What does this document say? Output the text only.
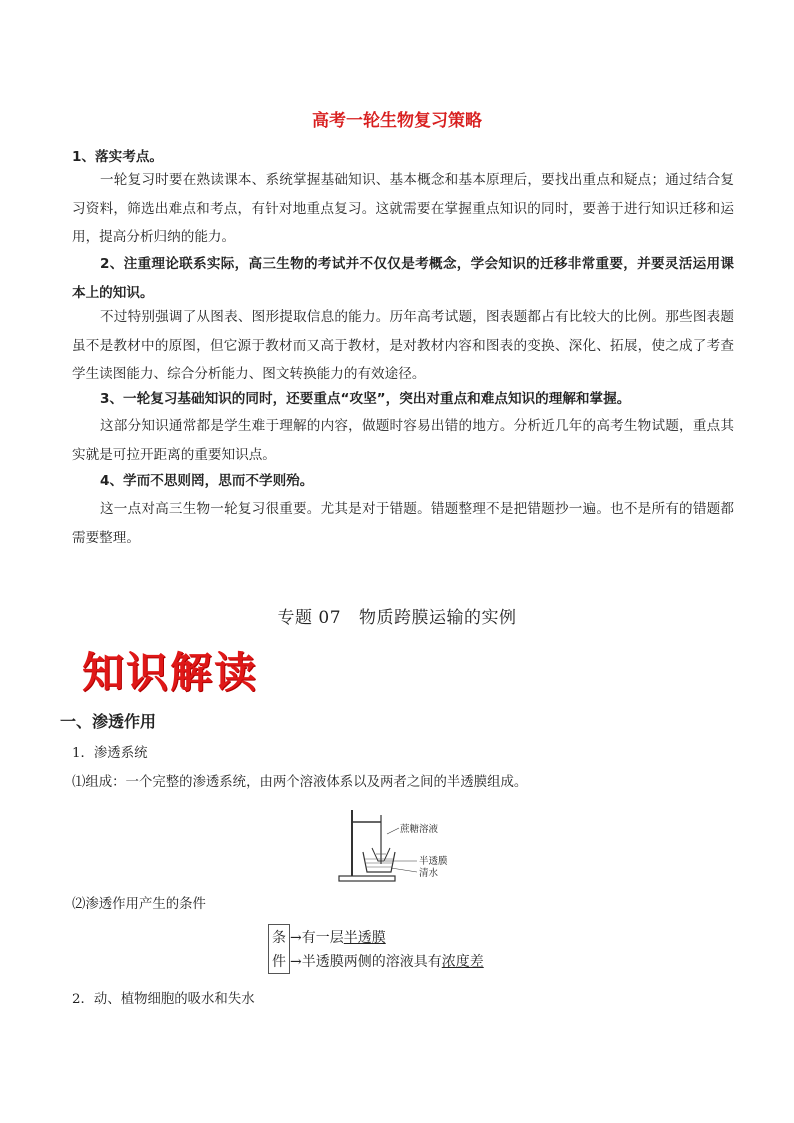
高考一轮生物复习策略
1、落实考点。
一轮复习时要在熟读课本、系统掌握基础知识、基本概念和基本原理后，要找出重点和疑点；通过结合复习资料，筛选出难点和考点，有针对地重点复习。这就需要在掌握重点知识的同时，要善于进行知识迁移和运用，提高分析归纳的能力。
2、注重理论联系实际，高三生物的考试并不仅仅是考概念，学会知识的迁移非常重要，并要灵活运用课本上的知识。
不过特别强调了从图表、图形提取信息的能力。历年高考试题，图表题都占有比较大的比例。那些图表题虽不是教材中的原图，但它源于教材而又高于教材，是对教材内容和图表的变换、深化、拓展，使之成了考查学生读图能力、综合分析能力、图文转换能力的有效途径。
3、一轮复习基础知识的同时，还要重点“攻坚”，突出对重点和难点知识的理解和掌握。
这部分知识通常都是学生难于理解的内容，做题时容易出错的地方。分析近几年的高考生物试题，重点其实就是可拉开距离的重要知识点。
4、学而不思则罔，思而不学则殆。
这一点对高三生物一轮复习很重要。尤其是对于错题。错题整理不是把错题抄一遍。也不是所有的错题都需要整理。
专题 07 物质跨膜运输的实例
知识解读
一、渗透作用
1．渗透系统
⑴组成：一个完整的渗透系统，由两个溶液体系以及两者之间的半透膜组成。
蔗糖溶液
半透膜
清水
⑵渗透作用产生的条件
条
件
→有一层半透膜
→半透膜两侧的溶液具有浓度差
2．动、植物细胞的吸水和失水
